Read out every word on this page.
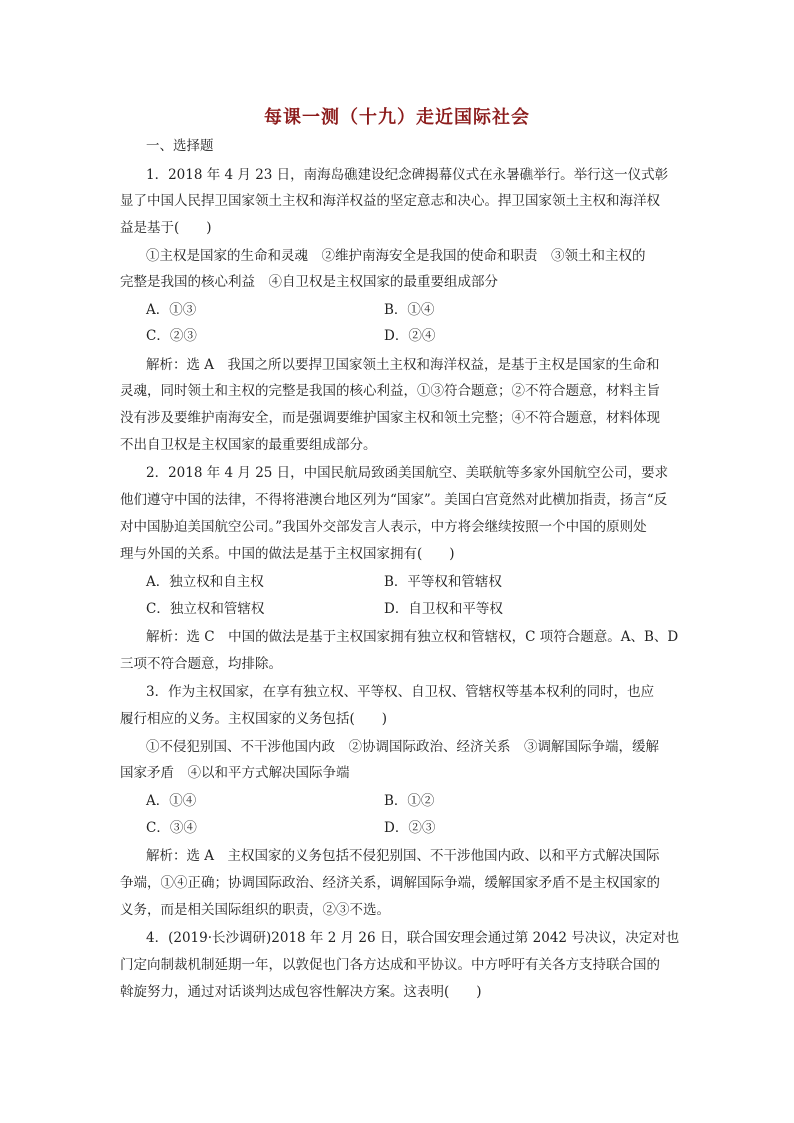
每课一测（十九）走近国际社会
一、选择题
1．2018 年 4 月 23 日，南海岛礁建设纪念碑揭幕仪式在永暑礁举行。举行这一仪式彰
显了中国人民捍卫国家领土主权和海洋权益的坚定意志和决心。捍卫国家领土主权和海洋权
益是基于(　　)
①主权是国家的生命和灵魂　②维护南海安全是我国的使命和职责　③领土和主权的
完整是我国的核心利益　④自卫权是主权国家的最重要组成部分
A．①③	B．①④
C．②③	D．②④
解析：选 A　我国之所以要捍卫国家领土主权和海洋权益，是基于主权是国家的生命和
灵魂，同时领土和主权的完整是我国的核心利益，①③符合题意；②不符合题意，材料主旨
没有涉及要维护南海安全，而是强调要维护国家主权和领土完整；④不符合题意，材料体现
不出自卫权是主权国家的最重要组成部分。
2．2018 年 4 月 25 日，中国民航局致函美国航空、美联航等多家外国航空公司，要求
他们遵守中国的法律，不得将港澳台地区列为“国家”。美国白宫竟然对此横加指责，扬言“反
对中国胁迫美国航空公司。”我国外交部发言人表示，中方将会继续按照一个中国的原则处
理与外国的关系。中国的做法是基于主权国家拥有(　　)
A．独立权和自主权	B．平等权和管辖权
C．独立权和管辖权	D．自卫权和平等权
解析：选 C　中国的做法是基于主权国家拥有独立权和管辖权，C 项符合题意。A、B、D
三项不符合题意，均排除。
3．作为主权国家，在享有独立权、平等权、自卫权、管辖权等基本权利的同时，也应
履行相应的义务。主权国家的义务包括(　　)
①不侵犯别国、不干涉他国内政　②协调国际政治、经济关系　③调解国际争端，缓解
国家矛盾　④以和平方式解决国际争端
A．①④	B．①②
C．③④	D．②③
解析：选 A　主权国家的义务包括不侵犯别国、不干涉他国内政、以和平方式解决国际
争端，①④正确；协调国际政治、经济关系，调解国际争端，缓解国家矛盾不是主权国家的
义务，而是相关国际组织的职责，②③不选。
4．(2019·长沙调研)2018 年 2 月 26 日，联合国安理会通过第 2042 号决议，决定对也
门定向制裁机制延期一年，以敦促也门各方达成和平协议。中方呼吁有关各方支持联合国的
斡旋努力，通过对话谈判达成包容性解决方案。这表明(　　)
